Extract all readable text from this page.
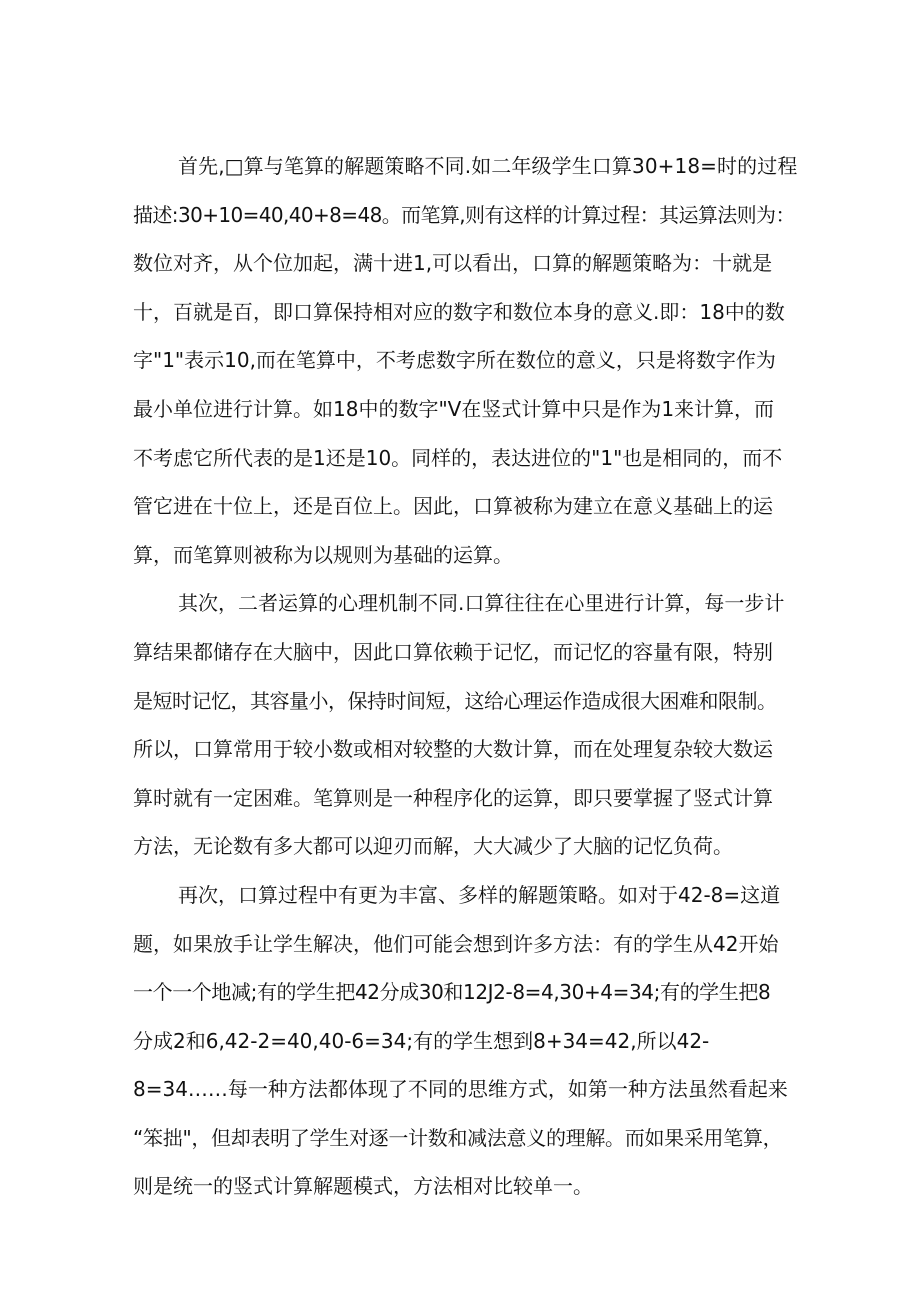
首先,□算与笔算的解题策略不同.如二年级学生口算30+18=时的过程
描述:30+10=40,40+8=48。而笔算,则有这样的计算过程：其运算法则为：
数位对齐，从个位加起，满十进1,可以看出，口算的解题策略为：十就是
十，百就是百，即口算保持相对应的数字和数位本身的意义.即：18中的数
字"1"表示10,而在笔算中，不考虑数字所在数位的意义，只是将数字作为
最小单位进行计算。如18中的数字"V在竖式计算中只是作为1来计算，而
不考虑它所代表的是1还是10。同样的，表达进位的"1"也是相同的，而不
管它进在十位上，还是百位上。因此，口算被称为建立在意义基础上的运
算，而笔算则被称为以规则为基础的运算。
其次，二者运算的心理机制不同.口算往往在心里进行计算，每一步计
算结果都储存在大脑中，因此口算依赖于记忆，而记忆的容量有限，特别
是短时记忆，其容量小，保持时间短，这给心理运作造成很大困难和限制。
所以，口算常用于较小数或相对较整的大数计算，而在处理复杂较大数运
算时就有一定困难。笔算则是一种程序化的运算，即只要掌握了竖式计算
方法，无论数有多大都可以迎刃而解，大大减少了大脑的记忆负荷。
再次，口算过程中有更为丰富、多样的解题策略。如对于42-8=这道
题，如果放手让学生解决，他们可能会想到许多方法：有的学生从42开始
一个一个地减;有的学生把42分成30和12J2-8=4,30+4=34;有的学生把8
分成2和6,42-2=40,40-6=34;有的学生想到8+34=42,所以42-
8=34……每一种方法都体现了不同的思维方式，如第一种方法虽然看起来
“笨拙"，但却表明了学生对逐一计数和减法意义的理解。而如果采用笔算，
则是统一的竖式计算解题模式，方法相对比较单一。
